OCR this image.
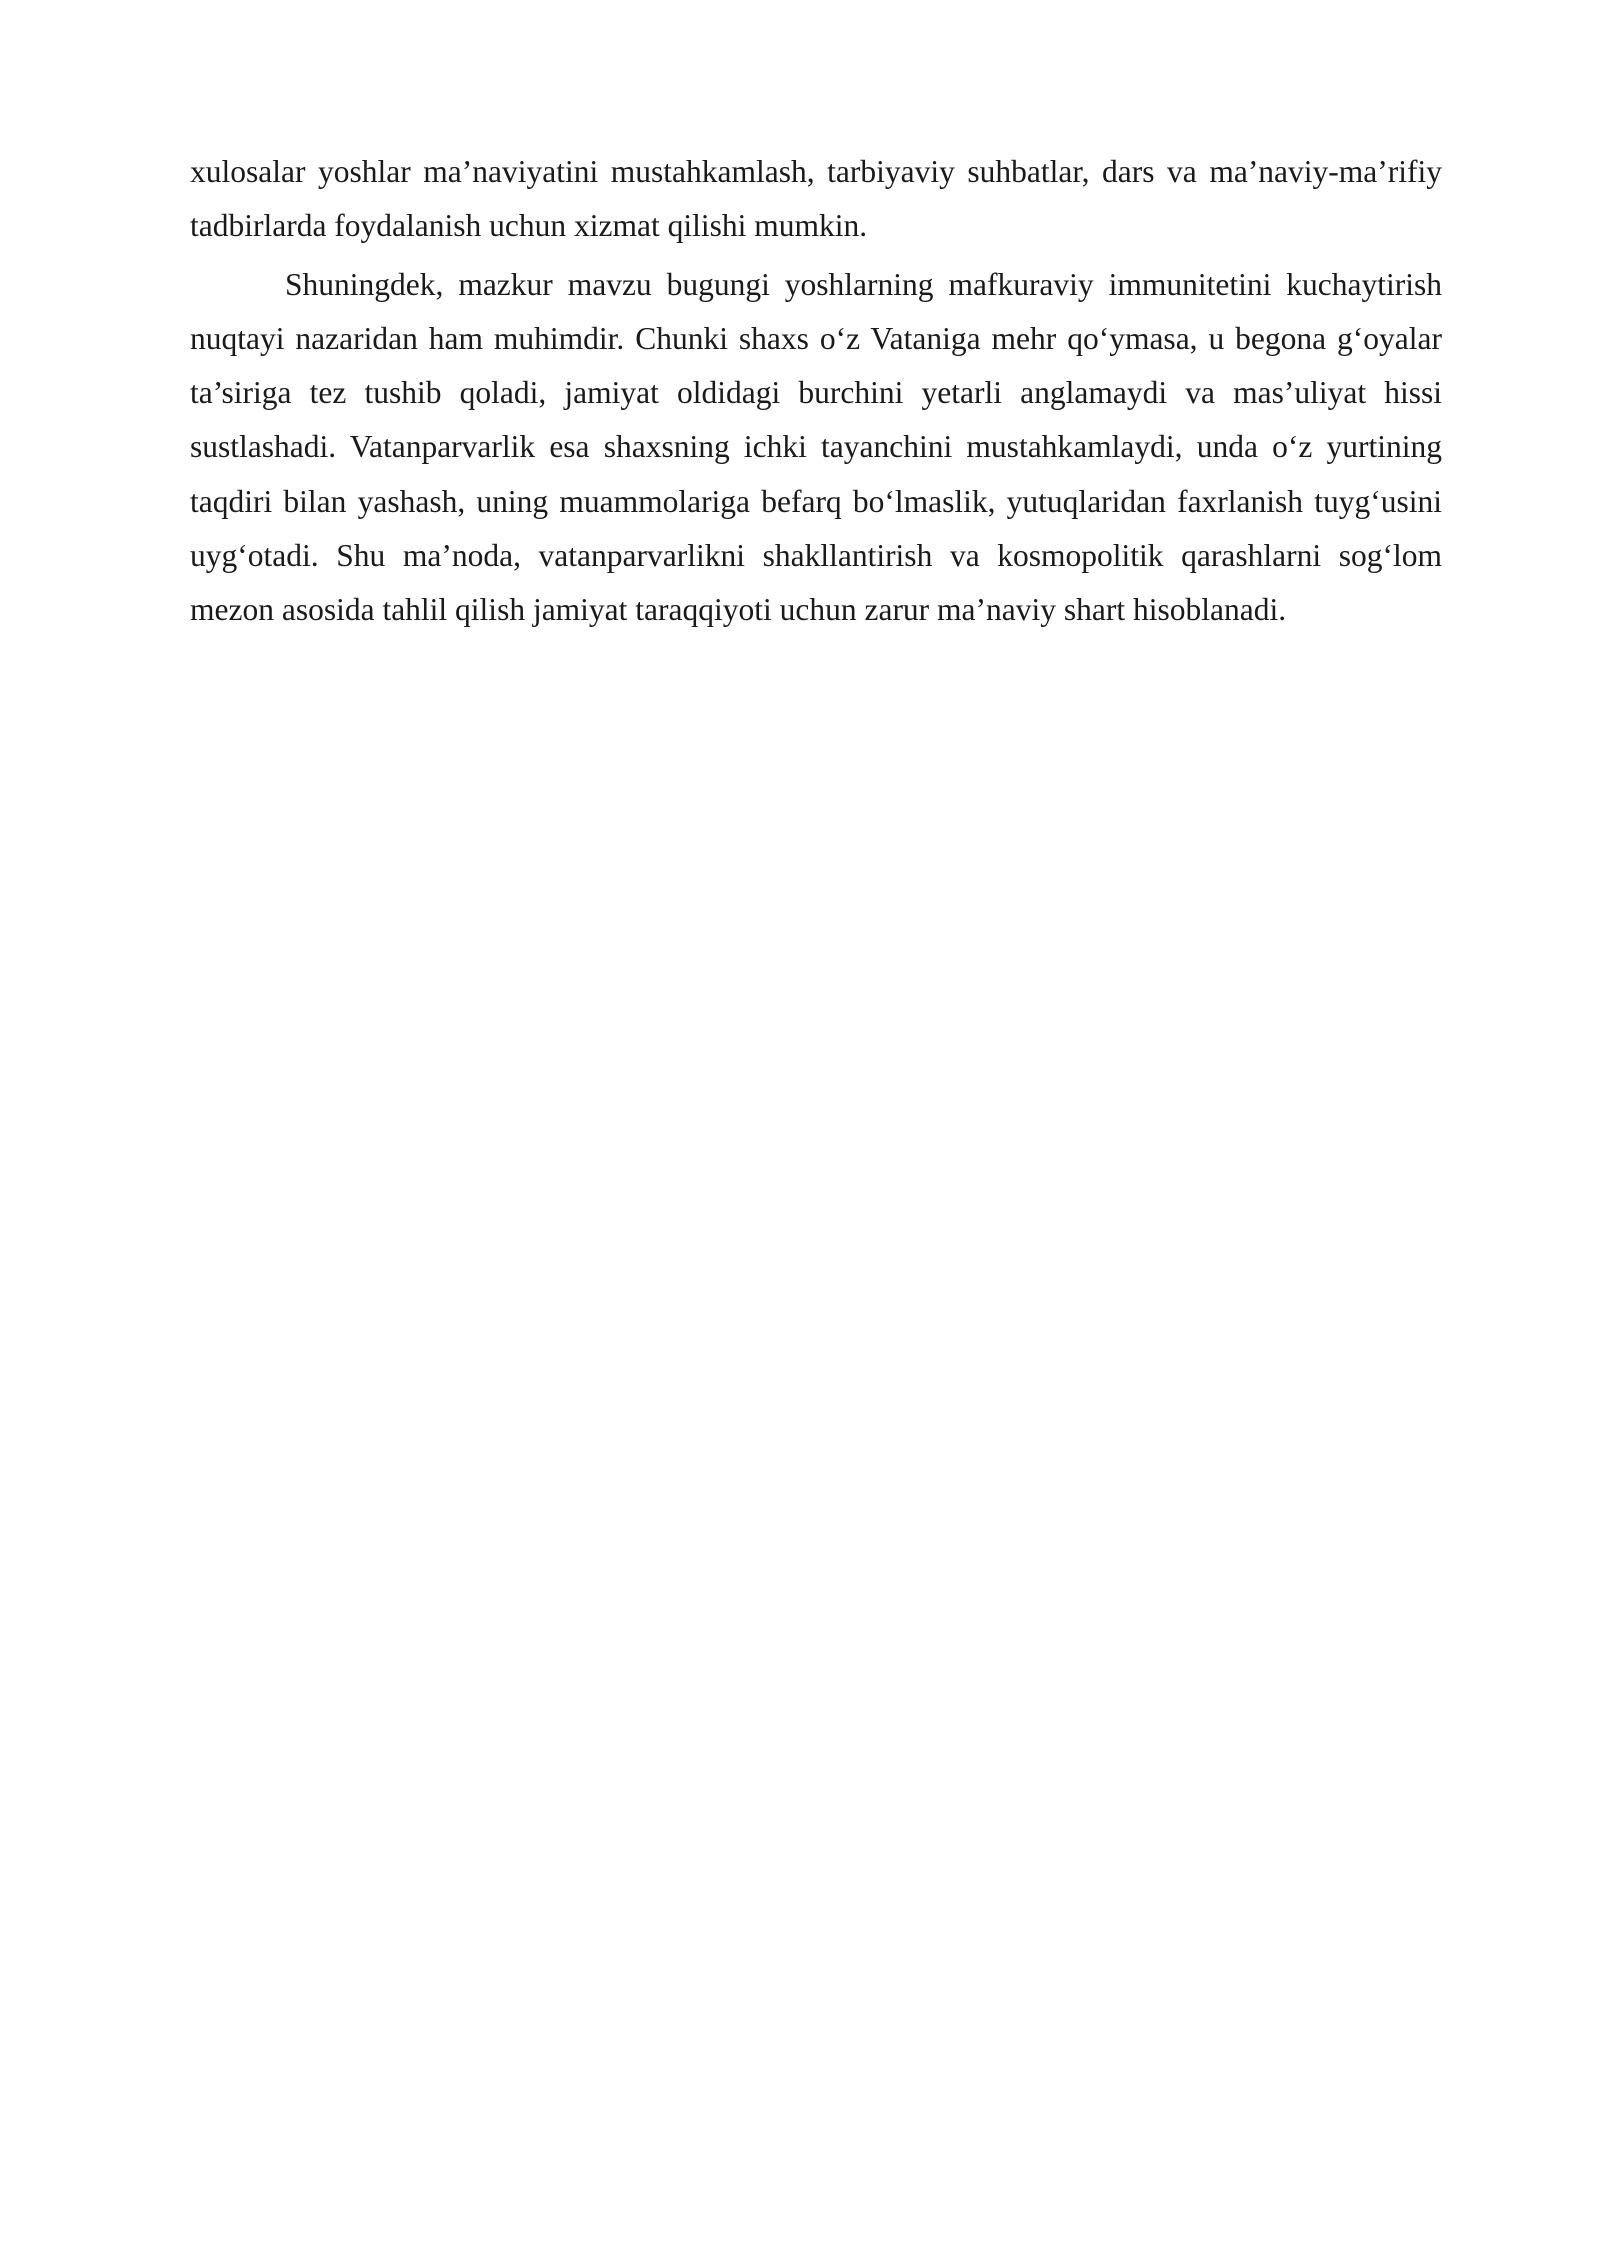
xulosalar yoshlar ma’naviyatini mustahkamlash, tarbiyaviy suhbatlar, dars va ma’naviy-ma’rifiy tadbirlarda foydalanish uchun xizmat qilishi mumkin.

Shuningdek, mazkur mavzu bugungi yoshlarning mafkuraviy immunitetini kuchaytirish nuqtayi nazaridan ham muhimdir. Chunki shaxs o‘z Vataniga mehr qo‘ymasa, u begona g‘oyalar ta’siriga tez tushib qoladi, jamiyat oldidagi burchini yetarli anglamaydi va mas’uliyat hissi sustlashadi. Vatanparvarlik esa shaxsning ichki tayanchini mustahkamlaydi, unda o‘z yurtining taqdiri bilan yashash, uning muammolariga befarq bo‘lmaslik, yutuqlaridan faxrlanish tuyg‘usini uyg‘otadi. Shu ma’noda, vatanparvarlikni shakllantirish va kosmopolitik qarashlarni sog‘lom mezon asosida tahlil qilish jamiyat taraqqiyoti uchun zarur ma’naviy shart hisoblanadi.
